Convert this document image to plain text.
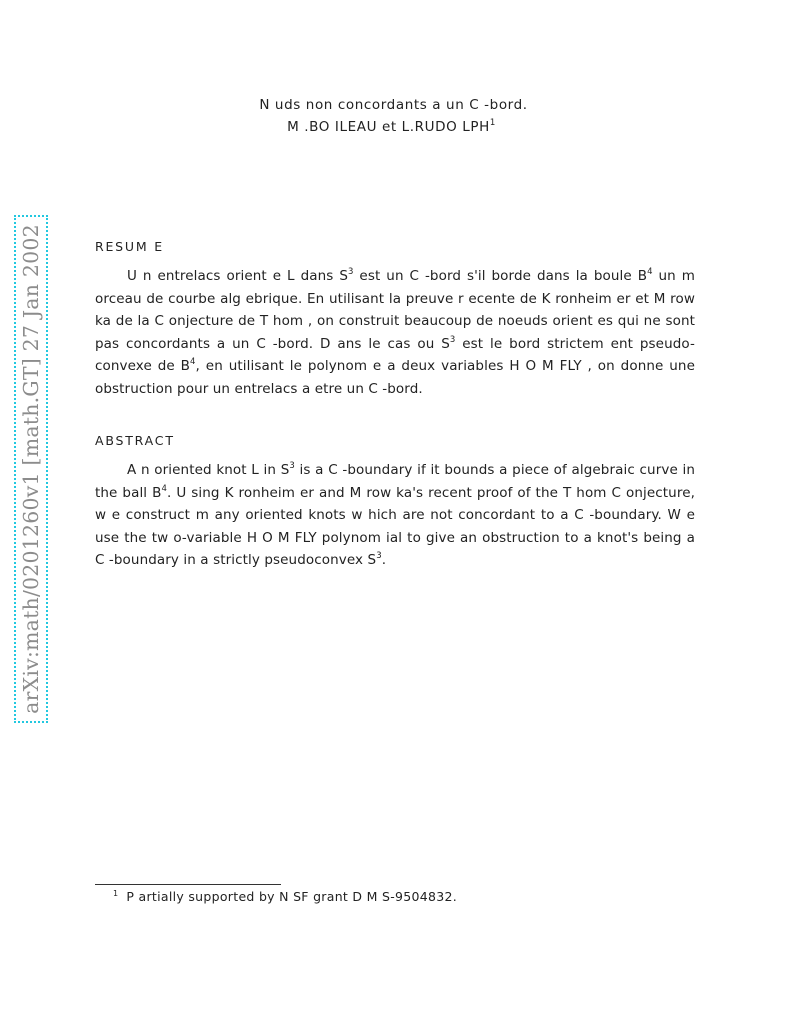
arXiv:math/0201260v1 [math.GT] 27 Jan 2002
N uds non concordants a un C -bord.
M .BO ILEAU et L.RUDO LPH$^1$
RESUM E
U n entrelacs orient e L dans $S^3$ est un C -bord s'il borde dans la boule $B^4$ un m orceau de courbe alg ebrique. En utilisant la preuve r ecente de K ronheim er et M row ka de la C onjecture de T hom , on construit beaucoup de noeuds orient es qui ne sont pas concordants a un C -bord. D ans le cas ou $S^3$ est le bord strictem ent pseudo-convexe de $B^4$, en utilisant le polynom e a deux variables H O M FLY , on donne une obstruction pour un entrelacs a etre un C -bord.
ABSTRACT
A n oriented knot L in $S^3$ is a C -boundary if it bounds a piece of algebraic curve in the ball $B^4$. U sing K ronheim er and M row ka's recent proof of the T hom C onjecture, w e construct m any oriented knots w hich are not concordant to a C -boundary. W e use the tw o-variable H O M FLY polynom ial to give an obstruction to a knot's being a C -boundary in a strictly pseudoconvex $S^3$.
$^1$ P artially supported by N SF grant D M S-9504832.
